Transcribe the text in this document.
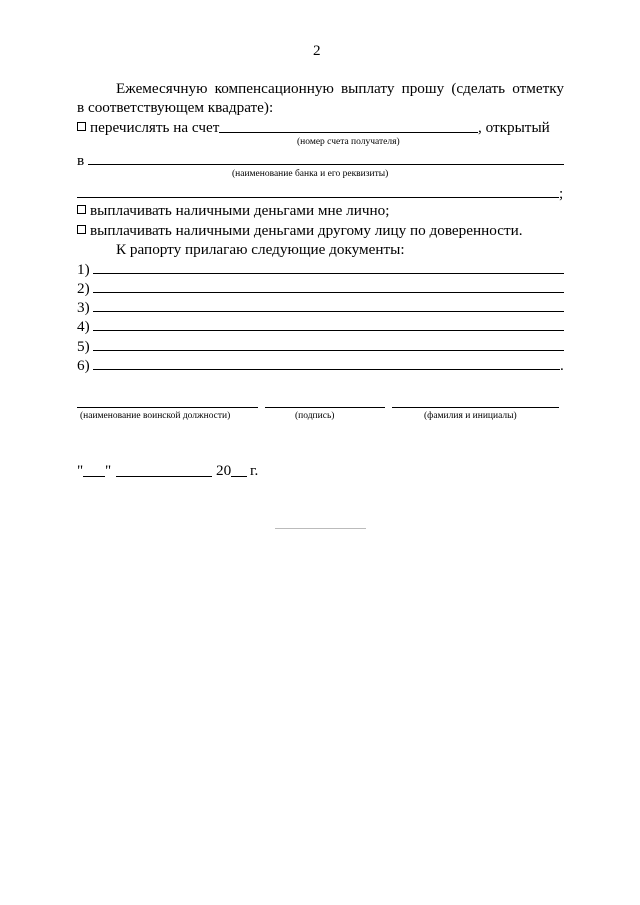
2
Ежемесячную компенсационную выплату прошу (сделать отметку
в соответствующем квадрате):
перечислять на счет	, открытый
(номер счета получателя)
в
(наименование банка и его реквизиты)
;
выплачивать наличными деньгами мне лично;
выплачивать наличными деньгами другому лицу по доверенности.
К рапорту прилагаю следующие документы:
1)
2)
3)
4)
5)
6)	.
(наименование воинской должности)	(подпись)	(фамилия и инициалы)
" "	20 г.
